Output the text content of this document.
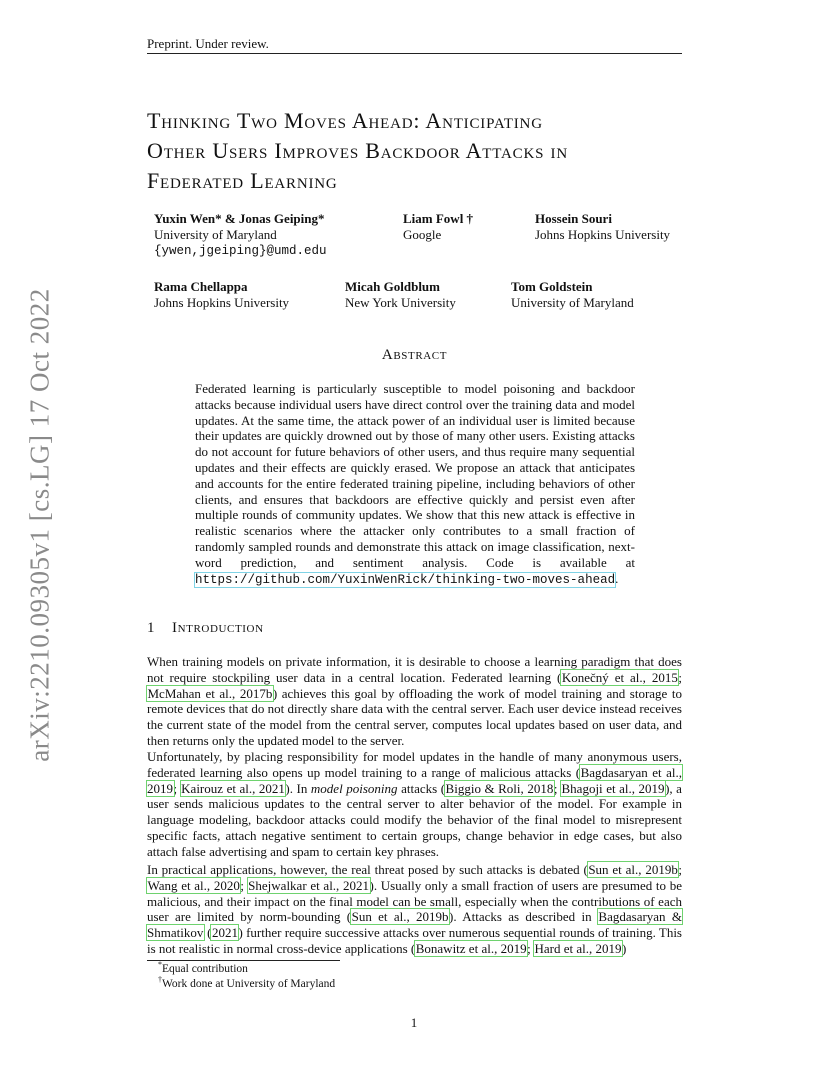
Preprint. Under review.
arXiv:2210.09305v1 [cs.LG] 17 Oct 2022
Thinking Two Moves Ahead: Anticipating
Other Users Improves Backdoor Attacks in
Federated Learning
Yuxin Wen* & Jonas Geiping*
University of Maryland
{ywen,jgeiping}@umd.edu
Liam Fowl †
Google
Hossein Souri
Johns Hopkins University
Rama Chellappa
Johns Hopkins University
Micah Goldblum
New York University
Tom Goldstein
University of Maryland
Abstract
Federated learning is particularly susceptible to model poisoning and backdoor attacks because individual users have direct control over the training data and model updates. At the same time, the attack power of an individual user is limited because their updates are quickly drowned out by those of many other users. Existing attacks do not account for future behaviors of other users, and thus require many sequential updates and their effects are quickly erased. We propose an attack that anticipates and accounts for the entire federated training pipeline, including behaviors of other clients, and ensures that backdoors are effective quickly and persist even after multiple rounds of community updates. We show that this new attack is effective in realistic scenarios where the attacker only contributes to a small fraction of randomly sampled rounds and demonstrate this attack on image classification, next-word prediction, and sentiment analysis. Code is available at https://github.com/YuxinWenRick/thinking-two-moves-ahead.
1 Introduction
When training models on private information, it is desirable to choose a learning paradigm that does not require stockpiling user data in a central location. Federated learning (Konečný et al., 2015; McMahan et al., 2017b) achieves this goal by offloading the work of model training and storage to remote devices that do not directly share data with the central server. Each user device instead receives the current state of the model from the central server, computes local updates based on user data, and then returns only the updated model to the server.
Unfortunately, by placing responsibility for model updates in the handle of many anonymous users, federated learning also opens up model training to a range of malicious attacks (Bagdasaryan et al., 2019; Kairouz et al., 2021). In model poisoning attacks (Biggio & Roli, 2018; Bhagoji et al., 2019), a user sends malicious updates to the central server to alter behavior of the model. For example in language modeling, backdoor attacks could modify the behavior of the final model to misrepresent specific facts, attach negative sentiment to certain groups, change behavior in edge cases, but also attach false advertising and spam to certain key phrases.
In practical applications, however, the real threat posed by such attacks is debated (Sun et al., 2019b; Wang et al., 2020; Shejwalkar et al., 2021). Usually only a small fraction of users are presumed to be malicious, and their impact on the final model can be small, especially when the contributions of each user are limited by norm-bounding (Sun et al., 2019b). Attacks as described in Bagdasaryan & Shmatikov (2021) further require successive attacks over numerous sequential rounds of training. This is not realistic in normal cross-device applications (Bonawitz et al., 2019; Hard et al., 2019)
*Equal contribution
†Work done at University of Maryland
1
